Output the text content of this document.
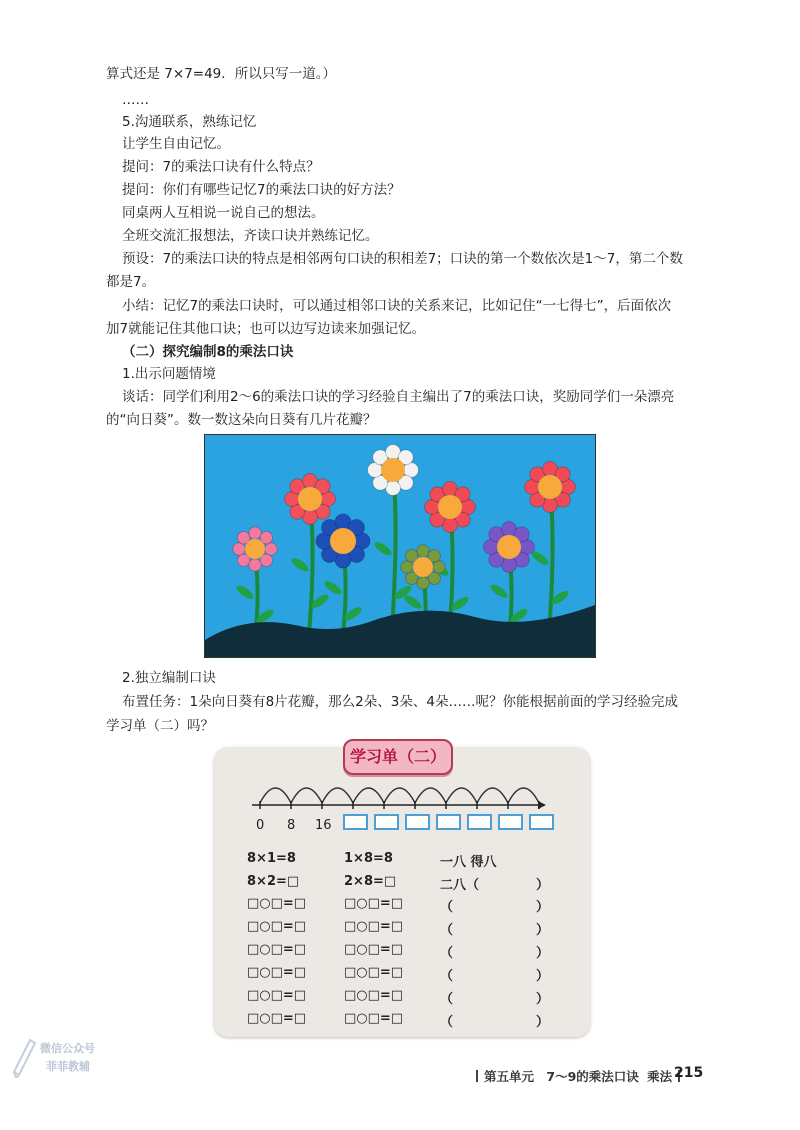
算式还是 7×7=49．所以只写一道。）
……
5.沟通联系，熟练记忆
让学生自由记忆。
提问：7的乘法口诀有什么特点？
提问：你们有哪些记忆7的乘法口诀的好方法？
同桌两人互相说一说自己的想法。
全班交流汇报想法，齐读口诀并熟练记忆。
预设：7的乘法口诀的特点是相邻两句口诀的积相差7；口诀的第一个数依次是1～7，第二个数
都是7。
小结：记忆7的乘法口诀时，可以通过相邻口诀的关系来记，比如记住“一七得七”，后面依次
加7就能记住其他口诀；也可以边写边读来加强记忆。
（二）探究编制8的乘法口诀
1.出示问题情境
谈话：同学们利用2～6的乘法口诀的学习经验自主编出了7的乘法口诀，奖励同学们一朵漂亮
的“向日葵”。数一数这朵向日葵有几片花瓣？
2.独立编制口诀
布置任务：1朵向日葵有8片花瓣，那么2朵、3朵、4朵……呢？你能根据前面的学习经验完成
学习单（二）吗？
学习单（二）
0 8 16
8×1=8	1×8=8	一八 得八
8×2=□	2×8=□	二八（	）
□○□=□	□○□=□	（	）
□○□=□	□○□=□	（	）
□○□=□	□○□=□	（	）
□○□=□	□○□=□	（	）
□○□=□	□○□=□	（	）
□○□=□	□○□=□	（	）
微信公众号
菲菲教辅
第五单元 7～9的乘法口诀 乘法 215
